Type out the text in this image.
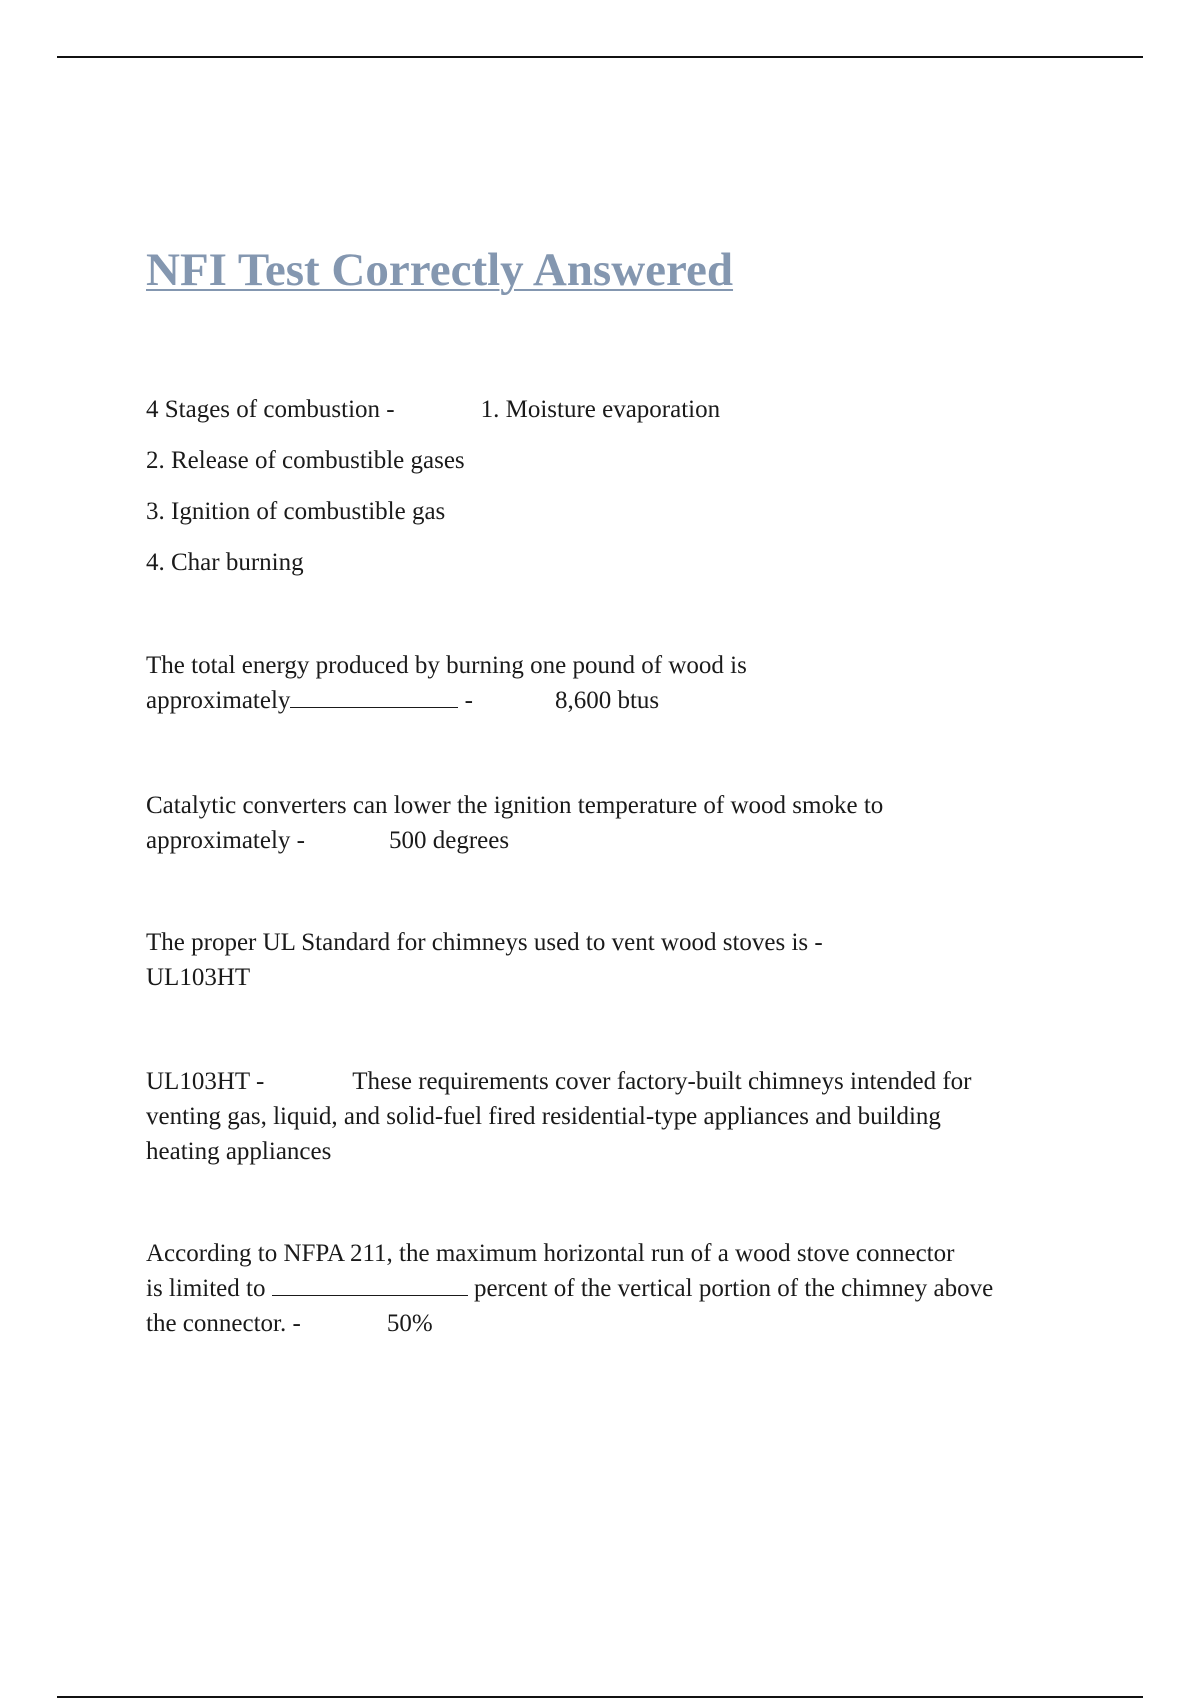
NFI Test Correctly Answered
4 Stages of combustion -	1. Moisture evaporation
2. Release of combustible gases
3. Ignition of combustible gas
4. Char burning
The total energy produced by burning one pound of wood is
approximately	-	8,600 btus
Catalytic converters can lower the ignition temperature of wood smoke to
approximately -	500 degrees
The proper UL Standard for chimneys used to vent wood stoves is -
UL103HT
UL103HT -	These requirements cover factory-built chimneys intended for
venting gas, liquid, and solid-fuel fired residential-type appliances and building
heating appliances
According to NFPA 211, the maximum horizontal run of a wood stove connector
is limited to	percent of the vertical portion of the chimney above
the connector. -	50%
